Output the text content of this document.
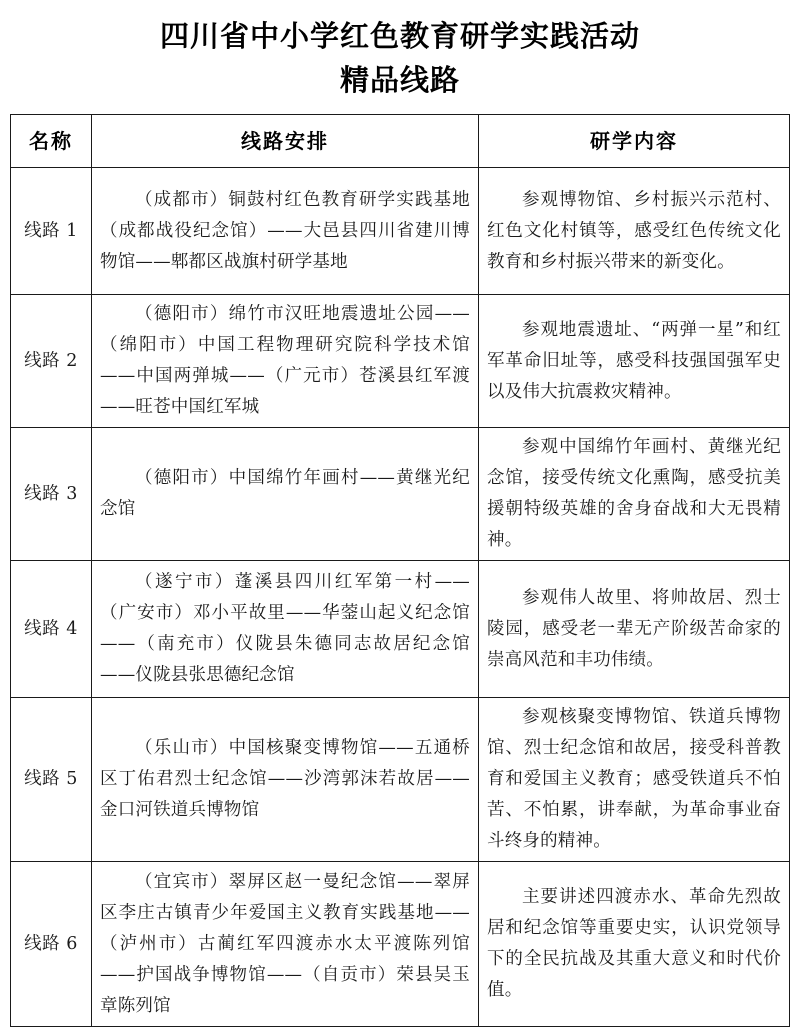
四川省中小学红色教育研学实践活动
精品线路
名称	线路安排	研学内容
线路 1	（成都市）铜鼓村红色教育研学实践基地（成都战役纪念馆）——大邑县四川省建川博物馆——郫都区战旗村研学基地	参观博物馆、乡村振兴示范村、红色文化村镇等，感受红色传统文化教育和乡村振兴带来的新变化。
线路 2	（德阳市）绵竹市汉旺地震遗址公园——（绵阳市）中国工程物理研究院科学技术馆——中国两弹城——（广元市）苍溪县红军渡——旺苍中国红军城	参观地震遗址、“两弹一星”和红军革命旧址等，感受科技强国强军史以及伟大抗震救灾精神。
线路 3	（德阳市）中国绵竹年画村——黄继光纪念馆	参观中国绵竹年画村、黄继光纪念馆，接受传统文化熏陶，感受抗美援朝特级英雄的舍身奋战和大无畏精神。
线路 4	（遂宁市）蓬溪县四川红军第一村——（广安市）邓小平故里——华蓥山起义纪念馆——（南充市）仪陇县朱德同志故居纪念馆——仪陇县张思德纪念馆	参观伟人故里、将帅故居、烈士陵园，感受老一辈无产阶级苦命家的崇高风范和丰功伟绩。
线路 5	（乐山市）中国核聚变博物馆——五通桥区丁佑君烈士纪念馆——沙湾郭沫若故居——金口河铁道兵博物馆	参观核聚变博物馆、铁道兵博物馆、烈士纪念馆和故居，接受科普教育和爱国主义教育；感受铁道兵不怕苦、不怕累，讲奉献，为革命事业奋斗终身的精神。
线路 6	（宜宾市）翠屏区赵一曼纪念馆——翠屏区李庄古镇青少年爱国主义教育实践基地——（泸州市）古蔺红军四渡赤水太平渡陈列馆——护国战争博物馆——（自贡市）荣县吴玉章陈列馆	主要讲述四渡赤水、革命先烈故居和纪念馆等重要史实，认识党领导下的全民抗战及其重大意义和时代价值。
